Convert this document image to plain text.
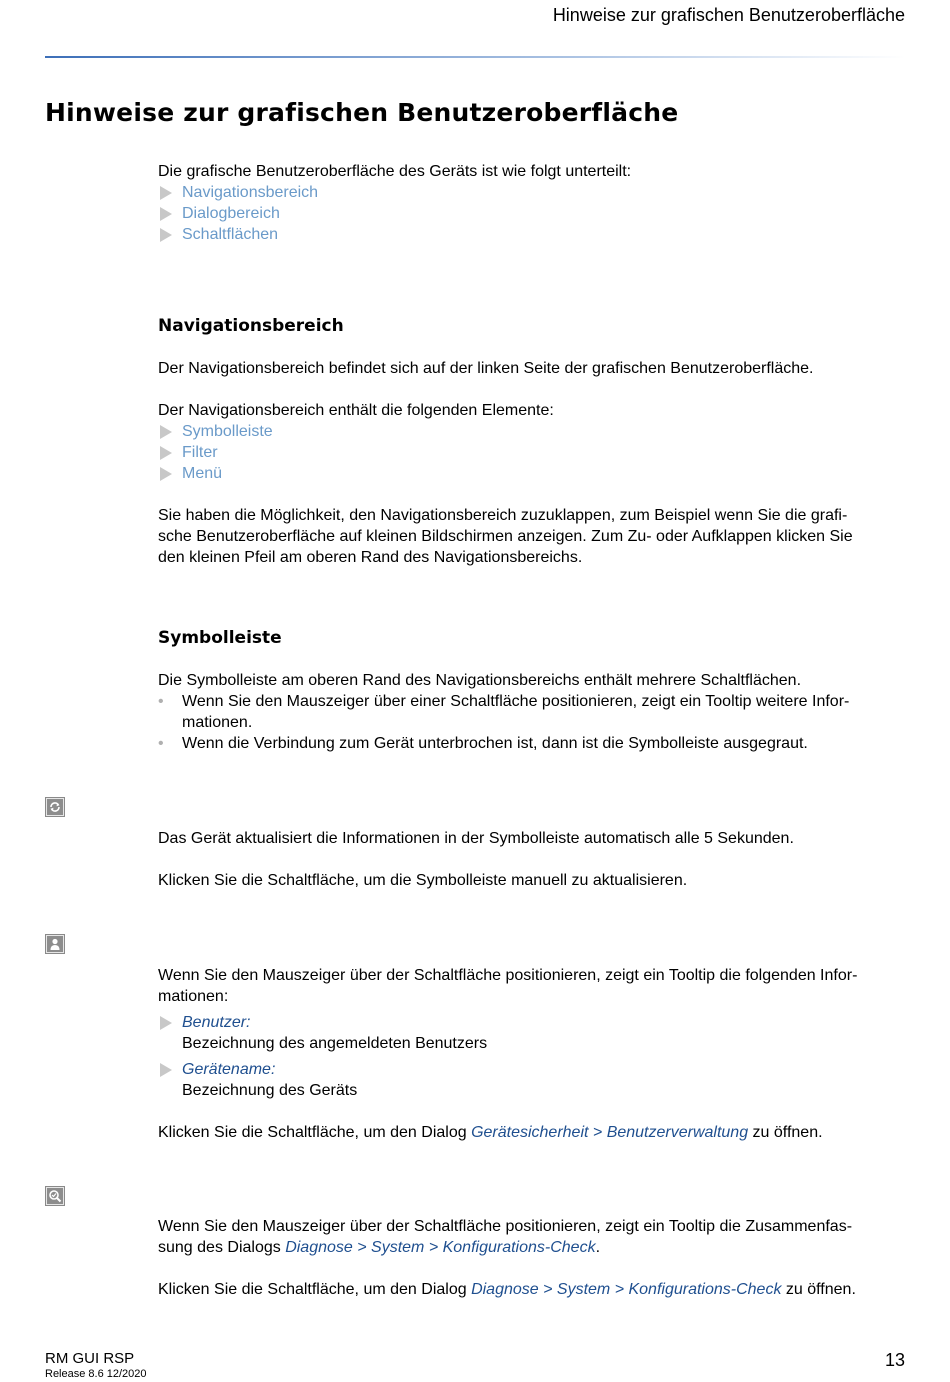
Hinweise zur grafischen Benutzeroberfläche
Hinweise zur grafischen Benutzeroberfläche

Die grafische Benutzeroberfläche des Geräts ist wie folgt unterteilt:

Navigationsbereich
Dialogbereich
Schaltflächen

Navigationsbereich

Der Navigationsbereich befindet sich auf der linken Seite der grafischen Benutzeroberfläche.

Der Navigationsbereich enthält die folgenden Elemente:

Symbolleiste
Filter
Menü

Sie haben die Möglichkeit, den Navigationsbereich zuzuklappen, zum Beispiel wenn Sie die grafi-

sche Benutzeroberfläche auf kleinen Bildschirmen anzeigen. Zum Zu- oder Aufklappen klicken Sie

den kleinen Pfeil am oberen Rand des Navigationsbereichs.

Symbolleiste

Die Symbolleiste am oberen Rand des Navigationsbereichs enthält mehrere Schaltflächen.

• Wenn Sie den Mauszeiger über einer Schaltfläche positionieren, zeigt ein Tooltip weitere Infor-
mationen.
• Wenn die Verbindung zum Gerät unterbrochen ist, dann ist die Symbolleiste ausgegraut.

Das Gerät aktualisiert die Informationen in der Symbolleiste automatisch alle 5 Sekunden.

Klicken Sie die Schaltfläche, um die Symbolleiste manuell zu aktualisieren.

Wenn Sie den Mauszeiger über der Schaltfläche positionieren, zeigt ein Tooltip die folgenden Infor-

mationen:

Benutzer:
Bezeichnung des angemeldeten Benutzers
Gerätename:
Bezeichnung des Geräts

Klicken Sie die Schaltfläche, um den Dialog Gerätesicherheit > Benutzerverwaltung zu öffnen.

Wenn Sie den Mauszeiger über der Schaltfläche positionieren, zeigt ein Tooltip die Zusammenfas-

sung des Dialogs Diagnose > System > Konfigurations-Check.

Klicken Sie die Schaltfläche, um den Dialog Diagnose > System > Konfigurations-Check zu öffnen.

RM GUI RSP
Release 8.6 12/2020
13
